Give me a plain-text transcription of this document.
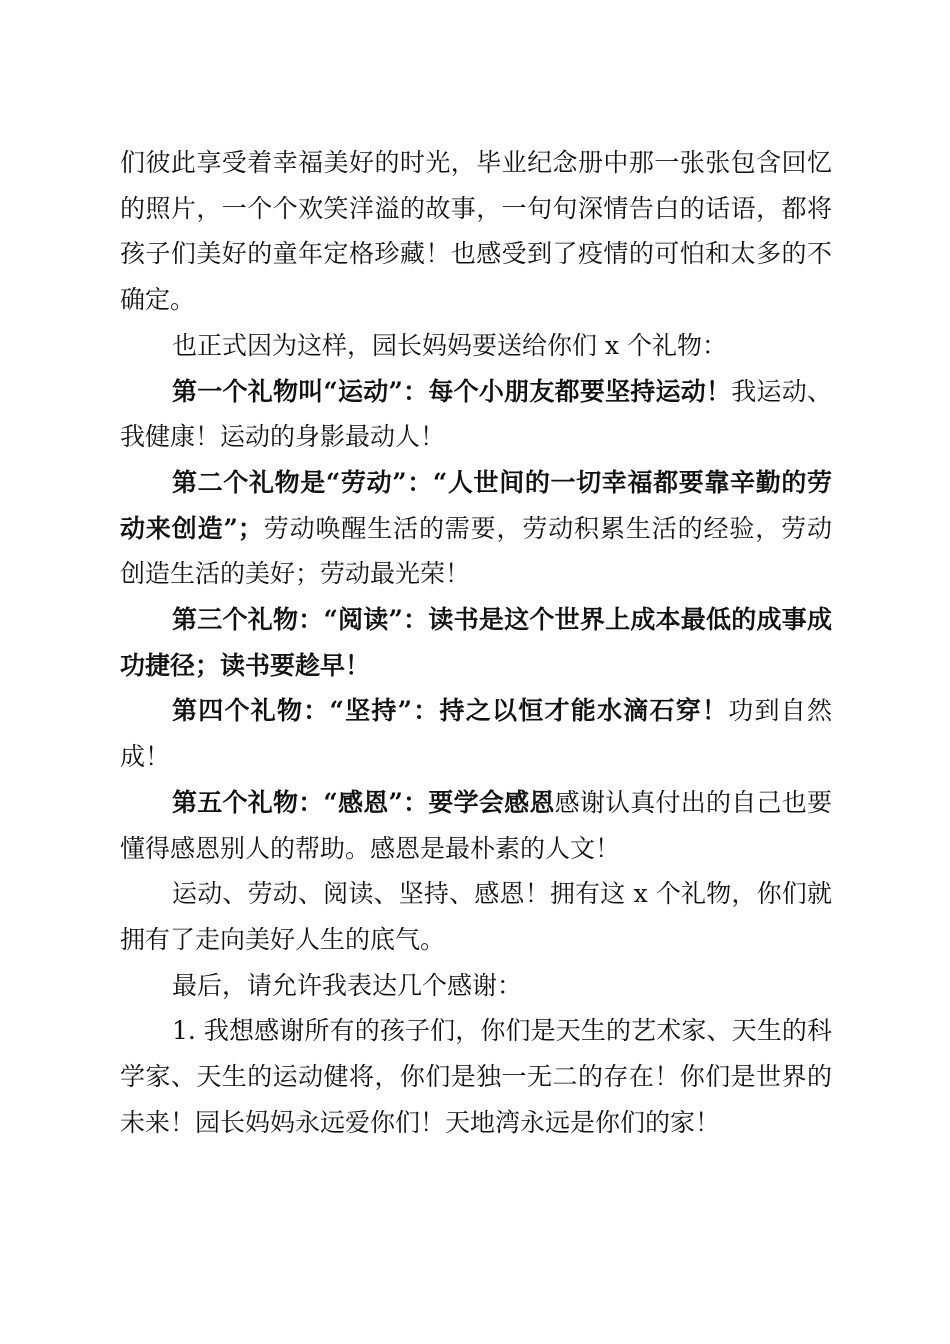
们彼此享受着幸福美好的时光，毕业纪念册中那一张张包含回忆的照片，一个个欢笑洋溢的故事，一句句深情告白的话语，都将孩子们美好的童年定格珍藏！也感受到了疫情的可怕和太多的不确定。

也正式因为这样，园长妈妈要送给你们 x 个礼物：

第一个礼物叫“运动”：每个小朋友都要坚持运动！我运动、我健康！运动的身影最动人！

第二个礼物是“劳动”：“人世间的一切幸福都要靠辛勤的劳动来创造”；劳动唤醒生活的需要，劳动积累生活的经验，劳动创造生活的美好；劳动最光荣！

第三个礼物：“阅读”：读书是这个世界上成本最低的成事成功捷径；读书要趁早！

第四个礼物：“坚持”：持之以恒才能水滴石穿！功到自然成！

第五个礼物：“感恩”：要学会感恩感谢认真付出的自己也要懂得感恩别人的帮助。感恩是最朴素的人文！

运动、劳动、阅读、坚持、感恩！拥有这 x 个礼物，你们就拥有了走向美好人生的底气。

最后，请允许我表达几个感谢：

1. 我想感谢所有的孩子们，你们是天生的艺术家、天生的科学家、天生的运动健将，你们是独一无二的存在！你们是世界的未来！园长妈妈永远爱你们！天地湾永远是你们的家！
